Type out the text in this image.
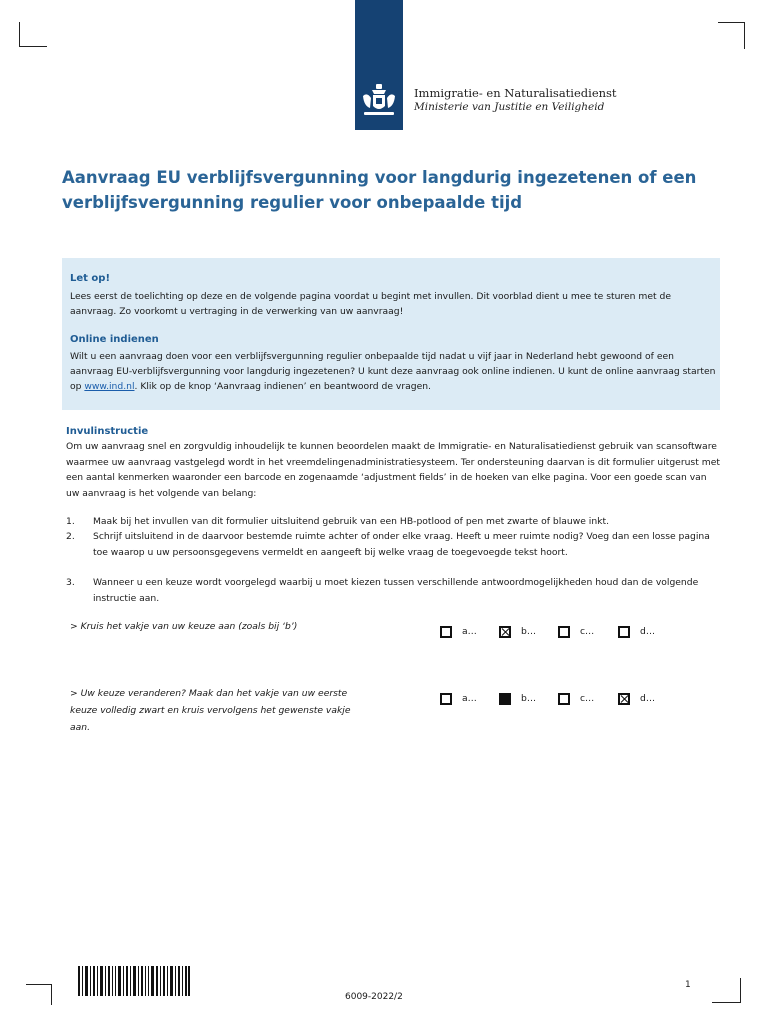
Immigratie- en Naturalisatiedienst
Ministerie van Justitie en Veiligheid
Aanvraag EU verblijfsvergunning voor langdurig ingezetenen of een verblijfsvergunning regulier voor onbepaalde tijd
Let op!
Lees eerst de toelichting op deze en de volgende pagina voordat u begint met invullen. Dit voorblad dient u mee te sturen met de aanvraag. Zo voorkomt u vertraging in de verwerking van uw aanvraag!
Online indienen
Wilt u een aanvraag doen voor een verblijfsvergunning regulier onbepaalde tijd nadat u vijf jaar in Nederland hebt gewoond of een aanvraag EU-verblijfsvergunning voor langdurig ingezetenen? U kunt deze aanvraag ook online indienen. U kunt de online aanvraag starten op www.ind.nl. Klik op de knop ‘Aanvraag indienen’ en beantwoord de vragen.
Invulinstructie
Om uw aanvraag snel en zorgvuldig inhoudelijk te kunnen beoordelen maakt de Immigratie- en Naturalisatiedienst gebruik van scansoftware waarmee uw aanvraag vastgelegd wordt in het vreemdelingenadministratiesysteem. Ter ondersteuning daarvan is dit formulier uitgerust met een aantal kenmerken waaronder een barcode en zogenaamde ‘adjustment fields’ in de hoeken van elke pagina. Voor een goede scan van uw aanvraag is het volgende van belang:
1. Maak bij het invullen van dit formulier uitsluitend gebruik van een HB-potlood of pen met zwarte of blauwe inkt.
2. Schrijf uitsluitend in de daarvoor bestemde ruimte achter of onder elke vraag. Heeft u meer ruimte nodig? Voeg dan een losse pagina toe waarop u uw persoonsgegevens vermeldt en aangeeft bij welke vraag de toegevoegde tekst hoort.
3. Wanneer u een keuze wordt voorgelegd waarbij u moet kiezen tussen verschillende antwoordmogelijkheden houd dan de volgende instructie aan.
> Kruis het vakje van uw keuze aan (zoals bij ‘b’)	a…	b…	c…	d…
> Uw keuze veranderen? Maak dan het vakje van uw eerste keuze volledig zwart en kruis vervolgens het gewenste vakje aan.
a…	b…	c…	d…
6009-2022/2
1
